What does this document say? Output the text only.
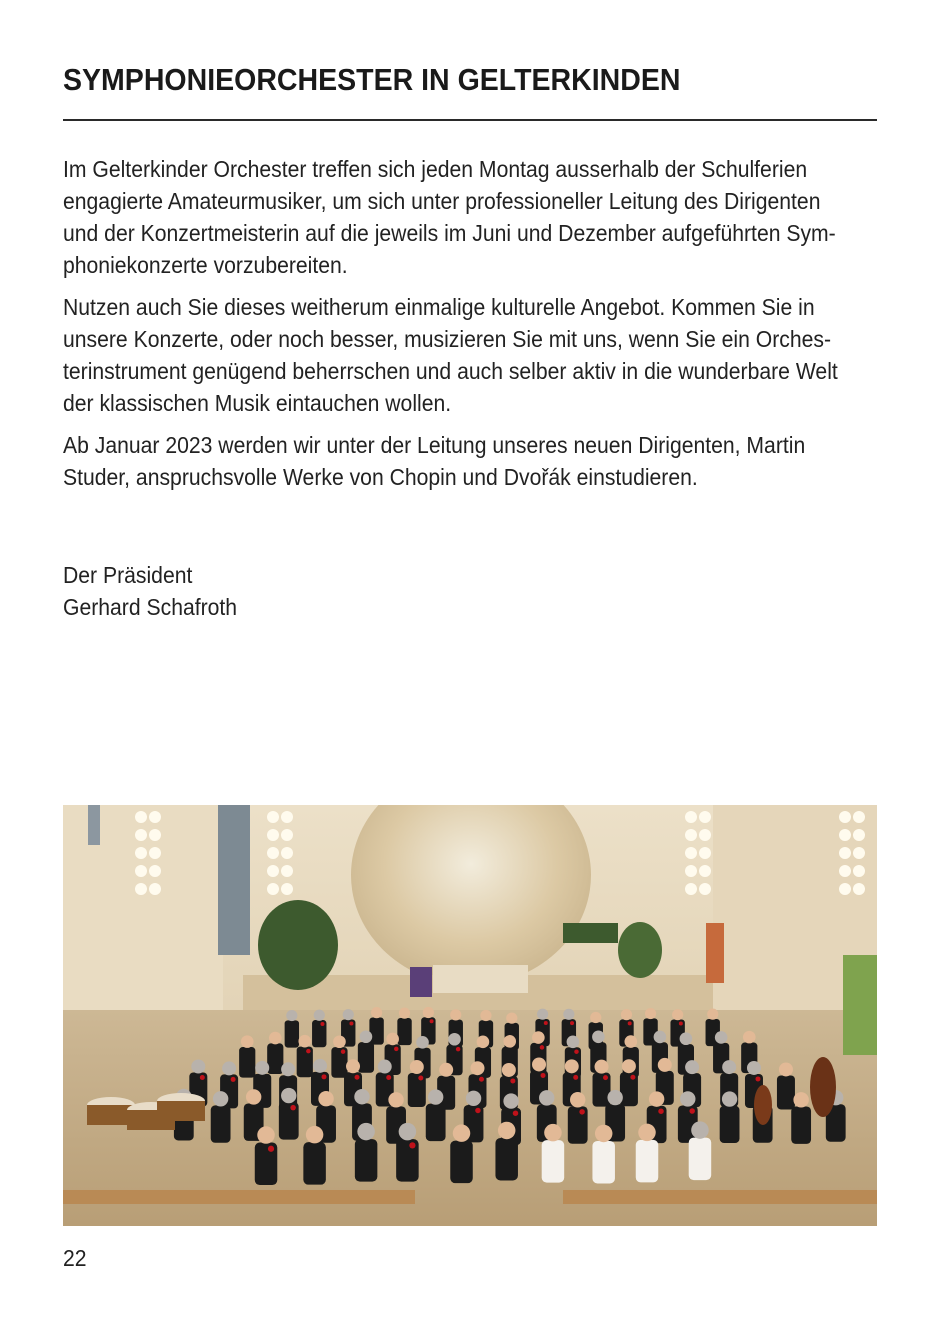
SYMPHONIEORCHESTER IN GELTERKINDEN
Im Gelterkinder Orchester treffen sich jeden Montag ausserhalb der Schulferien
engagierte Amateurmusiker, um sich unter professioneller Leitung des Dirigenten
und der Konzertmeisterin auf die jeweils im Juni und Dezember aufgeführten Sym-
phoniekonzerte vorzubereiten.
Nutzen auch Sie dieses weitherum einmalige kulturelle Angebot. Kommen Sie in
unsere Konzerte, oder noch besser, musizieren Sie mit uns, wenn Sie ein Orches-
terinstrument genügend beherrschen und auch selber aktiv in die wunderbare Welt
der klassischen Musik eintauchen wollen.
Ab Januar 2023 werden wir unter der Leitung unseres neuen Dirigenten, Martin
Studer, anspruchsvolle Werke von Chopin und Dvořák einstudieren.
Der Präsident
Gerhard Schafroth
22
